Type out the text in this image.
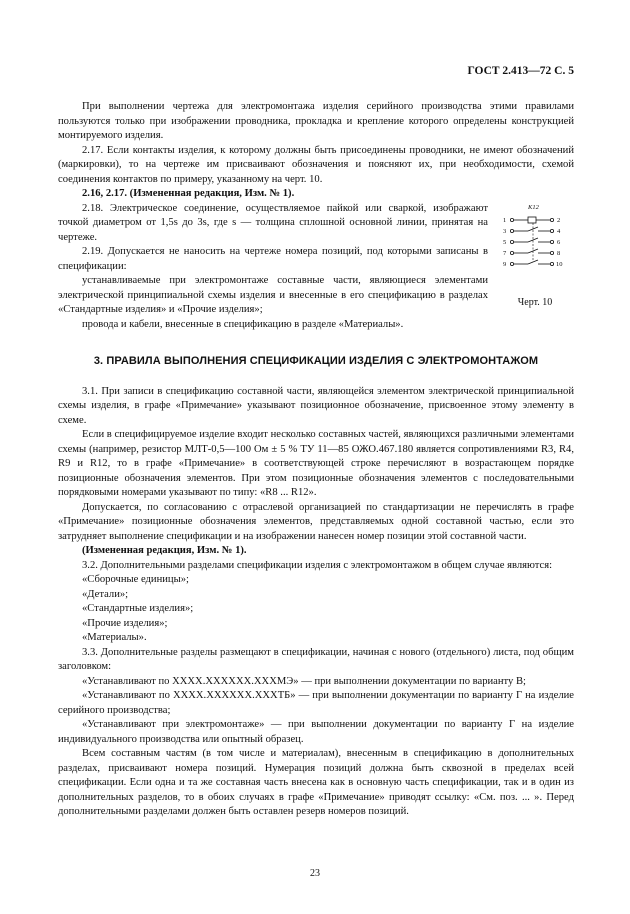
ГОСТ 2.413—72 С. 5

При выполнении чертежа для электромонтажа изделия серийного производства этими правилами пользуются только при изображении проводника, прокладка и крепление которого определены конструкцией монтируемого изделия.

2.17. Если контакты изделия, к которому должны быть присоединены проводники, не имеют обозначений (маркировки), то на чертеже им присваивают обозначения и поясняют их, при необходимости, схемой соединения контактов по примеру, указанному на черт. 10.

2.16, 2.17. (Измененная редакция, Изм. № 1).

2.18. Электрическое соединение, осуществляемое пайкой или сваркой, изображают точкой диаметром от 1,5s до 3s, где s — толщина сплошной основной линии, принятая на чертеже.

2.19. Допускается не наносить на чертеже номера позиций, под которыми записаны в спецификации:

устанавливаемые при электромонтаже составные части, являющиеся элементами электрической принципиальной схемы изделия и внесенные в его спецификацию в разделах «Стандартные изделия» и «Прочие изделия»;

провода и кабели, внесенные в спецификацию в разделе «Материалы».

К12
1	2
3	4
5	6
7	8
9	10
Черт. 10
3. ПРАВИЛА ВЫПОЛНЕНИЯ СПЕЦИФИКАЦИИ ИЗДЕЛИЯ С ЭЛЕКТРОМОНТАЖОМ

3.1. При записи в спецификацию составной части, являющейся элементом электрической принципиальной схемы изделия, в графе «Примечание» указывают позиционное обозначение, присвоенное этому элементу в схеме.

Если в специфицируемое изделие входит несколько составных частей, являющихся различными элементами схемы (например, резистор МЛТ-0,5—100 Ом ± 5 % ТУ 11—85 ОЖО.467.180 является сопротивлениями R3, R4, R9 и R12, то в графе «Примечание» в соответствующей строке перечисляют в возрастающем порядке позиционные обозначения элементов. При этом позиционные обозначения элементов с последовательными порядковыми номерами указывают по типу: «R8 ... R12».

Допускается, по согласованию с отраслевой организацией по стандартизации не перечислять в графе «Примечание» позиционные обозначения элементов, представляемых одной составной частью, если это затрудняет выполнение спецификации и на изображении нанесен номер позиции этой составной части.

(Измененная редакция, Изм. № 1).

3.2. Дополнительными разделами спецификации изделия с электромонтажом в общем случае являются:

«Сборочные единицы»;

«Детали»;

«Стандартные изделия»;

«Прочие изделия»;

«Материалы».

3.3. Дополнительные разделы размещают в спецификации, начиная с нового (отдельного) листа, под общим заголовком:

«Устанавливают по ХХХХ.ХХХХХХ.ХХХМЭ» — при выполнении документации по варианту В;

«Устанавливают по ХХХХ.ХХХХХХ.ХХХТБ» — при выполнении документации по варианту Г на изделие серийного производства;

«Устанавливают при электромонтаже» — при выполнении документации по варианту Г на изделие индивидуального производства или опытный образец.

Всем составным частям (в том числе и материалам), внесенным в спецификацию в дополнительных разделах, присваивают номера позиций. Нумерация позиций должна быть сквозной в пределах всей спецификации. Если одна и та же составная часть внесена как в основную часть спецификации, так и в один из дополнительных разделов, то в обоих случаях в графе «Примечание» приводят ссылку: «См. поз. ... ». Перед дополнительными разделами должен быть оставлен резерв номеров позиций.

23
